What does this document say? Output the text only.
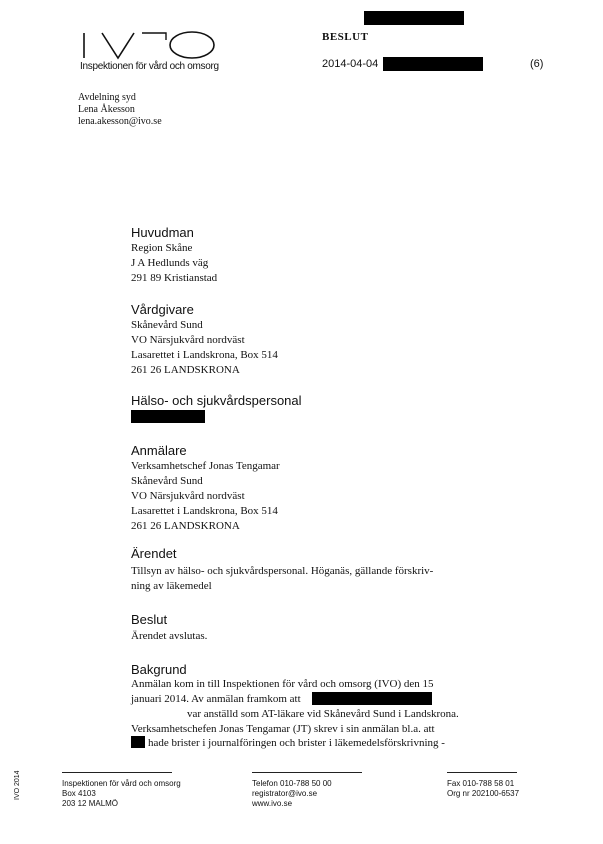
Inspektionen för vård och omsorg
BESLUT
2014-04-04	(6)
Avdelning syd
Lena Åkesson
lena.akesson@ivo.se
Huvudman
Region Skåne
J A Hedlunds väg
291 89 Kristianstad
Vårdgivare
Skånevård Sund
VO Närsjukvård nordväst
Lasarettet i Landskrona, Box 514
261 26 LANDSKRONA
Hälso- och sjukvårdspersonal
Anmälare
Verksamhetschef Jonas Tengamar
Skånevård Sund
VO Närsjukvård nordväst
Lasarettet i Landskrona, Box 514
261 26 LANDSKRONA
Ärendet
Tillsyn av hälso- och sjukvårdspersonal. Höganäs, gällande förskriv-
ning av läkemedel
Beslut
Ärendet avslutas.
Bakgrund
Anmälan kom in till Inspektionen för vård och omsorg (IVO) den 15
januari 2014. Av anmälan framkom att
var anställd som AT-läkare vid Skånevård Sund i Landskrona.
Verksamhetschefen Jonas Tengamar (JT) skrev i sin anmälan bl.a. att
hade brister i journalföringen och brister i läkemedelsförskrivning -
IVO 2014	Inspektionen för vård och omsorg
Box 4103
203 12 MALMÖ
Telefon 010-788 50 00
registrator@ivo.se
www.ivo.se
Fax 010-788 58 01
Org nr 202100-6537
